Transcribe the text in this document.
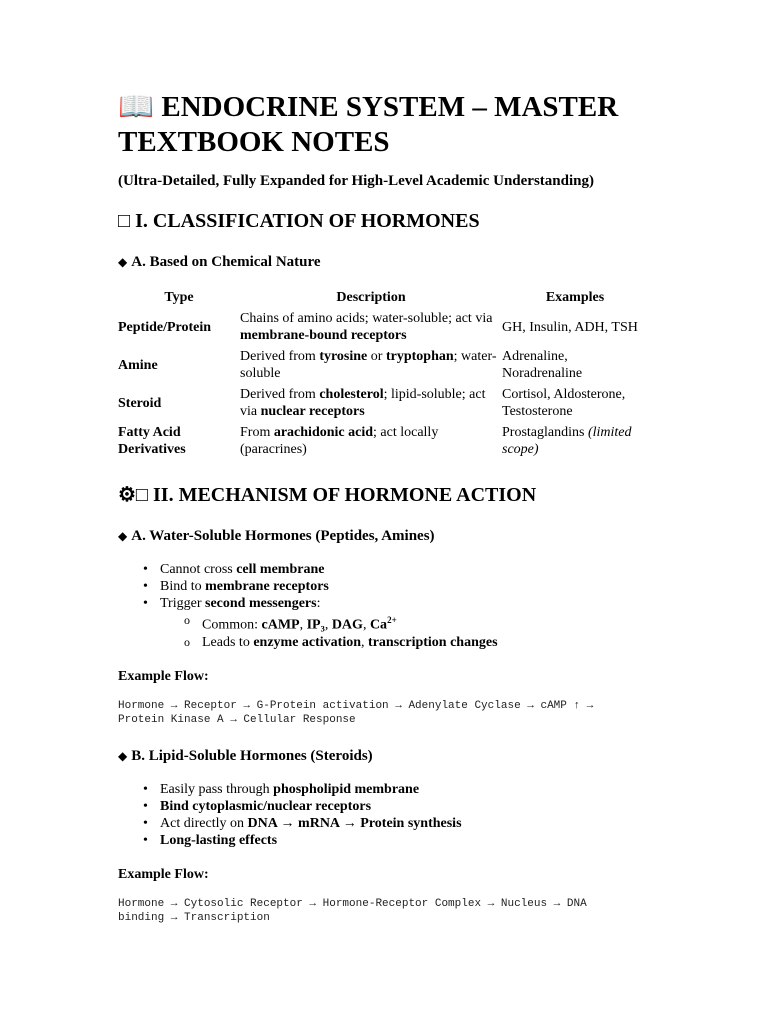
📖 ENDOCRINE SYSTEM – MASTER
TEXTBOOK NOTES
(Ultra-Detailed, Fully Expanded for High-Level Academic Understanding)
□ I. CLASSIFICATION OF HORMONES
◆ A. Based on Chemical Nature
Type	Description	Examples
Peptide/Protein	Chains of amino acids; water-soluble; act via membrane-bound receptors	GH, Insulin, ADH, TSH
Amine	Derived from tyrosine or tryptophan; water-soluble	Adrenaline, Noradrenaline
Steroid	Derived from cholesterol; lipid-soluble; act via nuclear receptors	Cortisol, Aldosterone, Testosterone
Fatty Acid Derivatives	From arachidonic acid; act locally (paracrines)	Prostaglandins (limited scope)
⚙□ II. MECHANISM OF HORMONE ACTION
◆ A. Water-Soluble Hormones (Peptides, Amines)
• Cannot cross cell membrane
• Bind to membrane receptors
• Trigger second messengers:
o Common: cAMP, IP₃, DAG, $Ca^{2+}$
o Leads to enzyme activation, transcription changes
Example Flow:
Hormone → Receptor → G-Protein activation → Adenylate Cyclase → cAMP ↑ →
Protein Kinase A → Cellular Response
◆ B. Lipid-Soluble Hormones (Steroids)
• Easily pass through phospholipid membrane
• Bind cytoplasmic/nuclear receptors
• Act directly on DNA → mRNA → Protein synthesis
• Long-lasting effects
Example Flow:
Hormone → Cytosolic Receptor → Hormone-Receptor Complex → Nucleus → DNA
binding → Transcription
